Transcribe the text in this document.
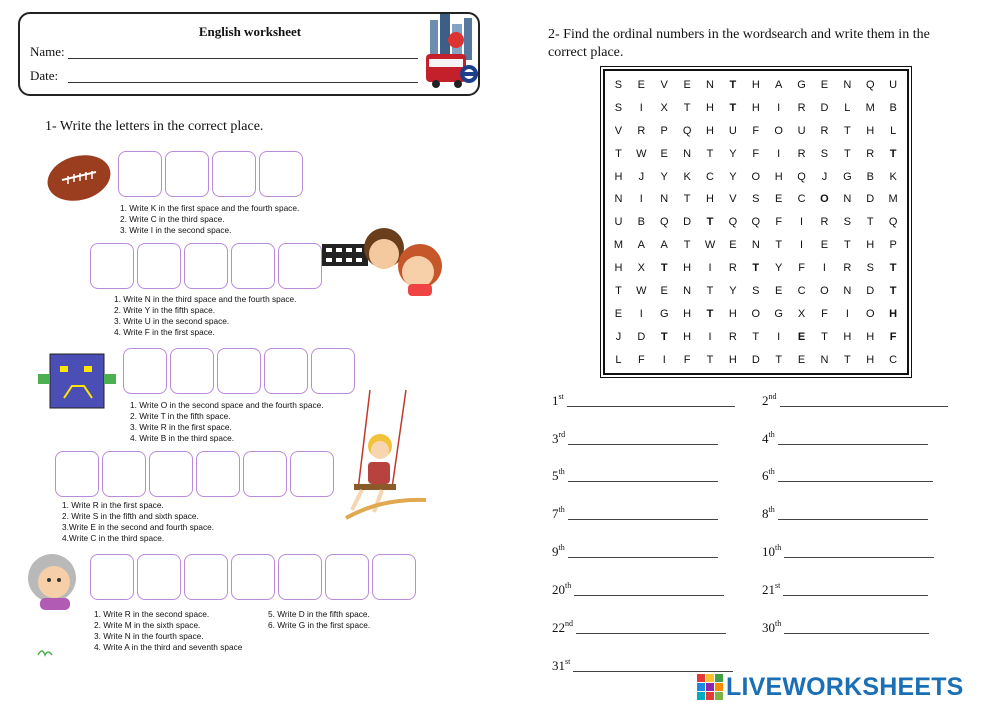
English worksheet
Name:
Date:
1- Write the letters in the correct place.
1. Write K in the first space and the fourth space.
2. Write C in the third space.
3. Write I in the second space.
1. Write N in the third space and the fourth space.
2. Write Y in the fifth space.
3. Write U in the second space.
4. Write F in the first space.
1. Write O in the second space and the fourth space.
2. Write T in the fifth space.
3. Write R in the first space.
4. Write B in the third space.
1. Write R in the first space.
2. Write S in the fifth and sixth space.
3.Write E in the second and fourth space.
4.Write C in the third space.
1. Write R in the second space.
2. Write M in the sixth space.
3. Write N in the fourth space.
4. Write A in the third and seventh space
5. Write D in the fifth space.
6. Write G in the first space.
2- Find the ordinal numbers in the wordsearch and write them in the
correct place.
S	E	V	E	N	T	H	A	G	E	N	Q	U
S	I	X	T	H	T	H	I	R	D	L	M	B
V	R	P	Q	H	U	F	O	U	R	T	H	L
T	W	E	N	T	Y	F	I	R	S	T	R	T
H	J	Y	K	C	Y	O	H	Q	J	G	B	K
N	I	N	T	H	V	S	E	C	O	N	D	M
U	B	Q	D	T	Q	Q	F	I	R	S	T	Q
M	A	A	T	W	E	N	T	I	E	T	H	P
H	X	T	H	I	R	T	Y	F	I	R	S	T
T	W	E	N	T	Y	S	E	C	O	N	D	T
E	I	G	H	T	H	O	G	X	F	I	O	H
J	D	T	H	I	R	T	I	E	T	H	H	F
L	F	I	F	T	H	D	T	E	N	T	H	C
1st	2nd
3rd	4th
5th	6th
7th	8th
9th	10th
20th	21st
22nd	30th
31st
LIVEWORKSHEETS
